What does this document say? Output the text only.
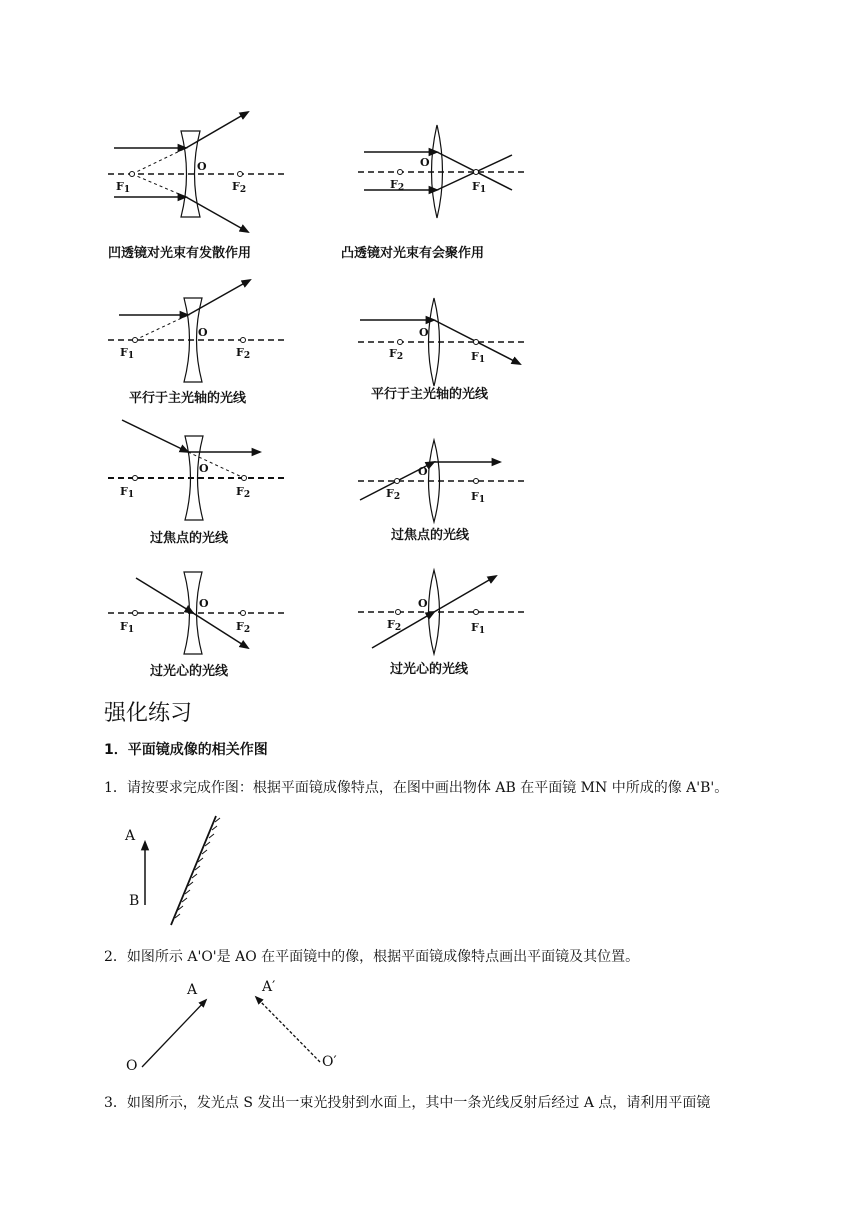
F1	F2
O
F2	F1
O
F1	F2
O
F2	F1
O
F1	F2
O
F2	F1
O
F1	F2
O
F2	F1
O
凹透镜对光束有发散作用	凸透镜对光束有会聚作用
平行于主光轴的光线	平行于主光轴的光线
过焦点的光线	过焦点的光线
过光心的光线	过光心的光线
强化练习
1．平面镜成像的相关作图
1．请按要求完成作图：根据平面镜成像特点，在图中画出物体 AB 在平面镜 MN 中所成的像 A'B'。
2．如图所示 A'O'是 AO 在平面镜中的像，根据平面镜成像特点画出平面镜及其位置。
3．如图所示，发光点 S 发出一束光投射到水面上，其中一条光线反射后经过 A 点，请利用平面镜
A
B
A
O
A′
O′
